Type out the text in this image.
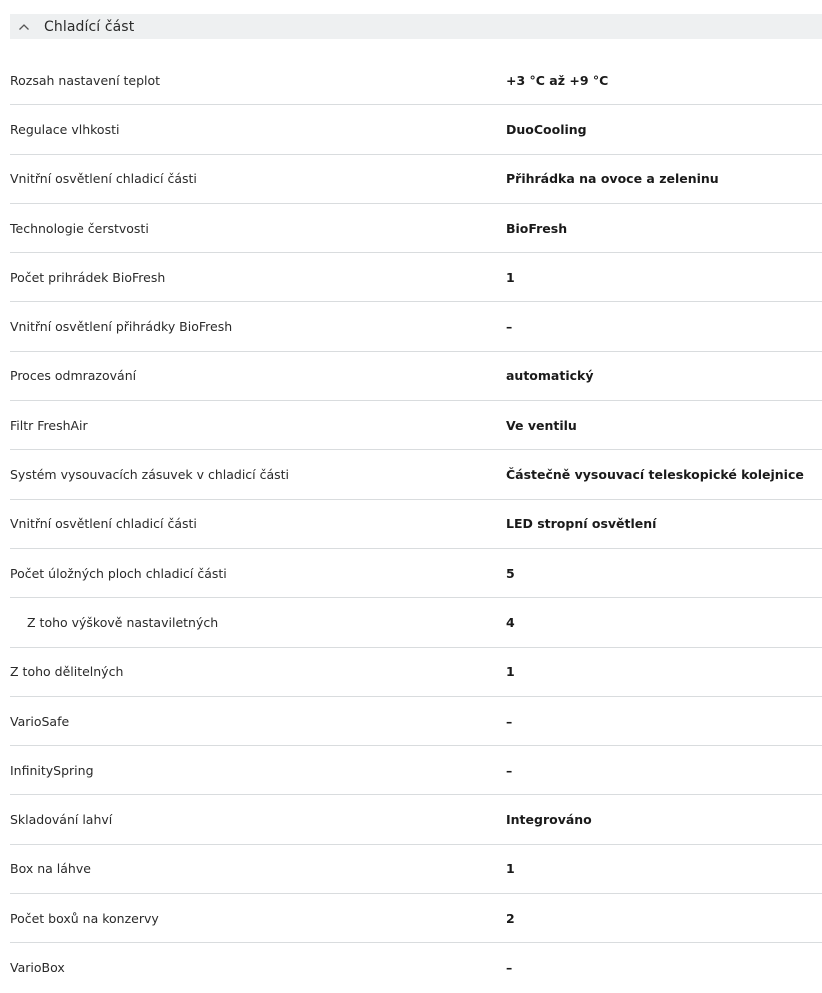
Chladící část
Rozsah nastavení teplot	+3 °C až +9 °C
Regulace vlhkosti	DuoCooling
Vnitřní osvětlení chladicí části	Přihrádka na ovoce a zeleninu
Technologie čerstvosti	BioFresh
Počet prihrádek BioFresh	1
Vnitřní osvětlení přihrádky BioFresh	–
Proces odmrazování	automatický
Filtr FreshAir	Ve ventilu
Systém vysouvacích zásuvek v chladicí části	Částečně vysouvací teleskopické kolejnice
Vnitřní osvětlení chladicí části	LED stropní osvětlení
Počet úložných ploch chladicí části	5
Z toho výškově nastaviletných	4
Z toho dělitelných	1
VarioSafe	–
InfinitySpring	–
Skladování lahví	Integrováno
Box na láhve	1
Počet boxů na konzervy	2
VarioBox	–
